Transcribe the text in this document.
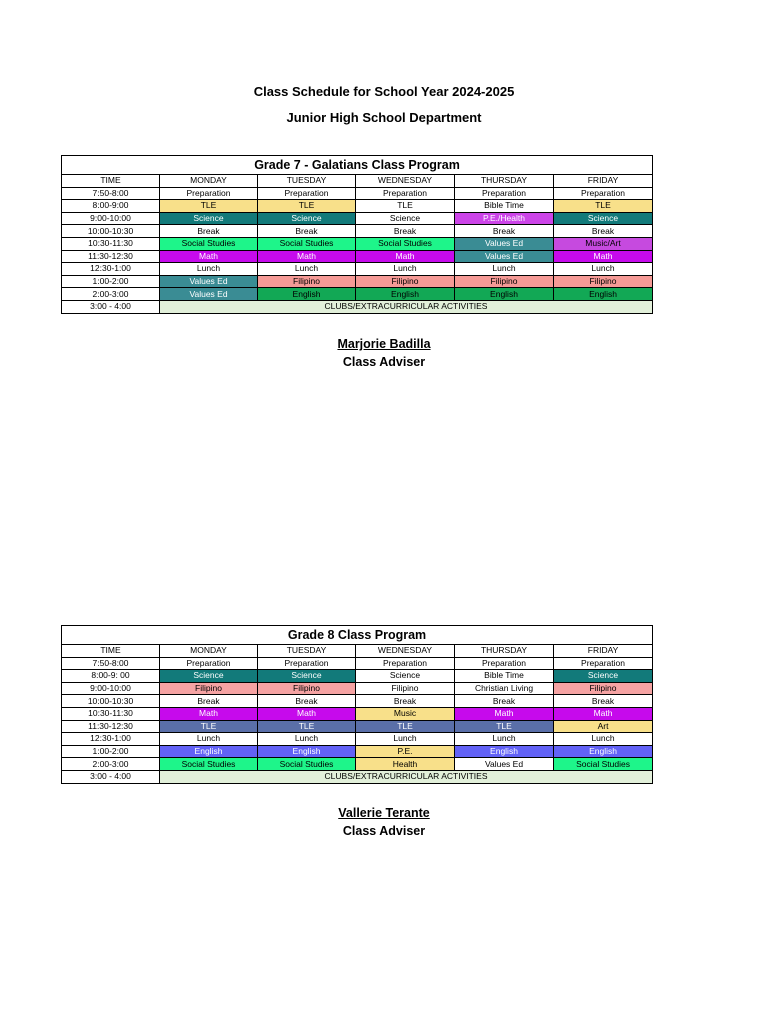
Class Schedule for School Year 2024-2025
Junior High School Department
Grade 7 - Galatians Class Program					
TIME	MONDAY	TUESDAY	WEDNESDAY	THURSDAY	FRIDAY
7:50-8:00	Preparation	Preparation	Preparation	Preparation	Preparation
8:00-9:00	TLE	TLE	TLE	Bible Time	TLE
9:00-10:00	Science	Science	Science	P.E./Health	Science
10:00-10:30	Break	Break	Break	Break	Break
10:30-11:30	Social Studies	Social Studies	Social Studies	Values Ed	Music/Art
11:30-12:30	Math	Math	Math	Values Ed	Math
12:30-1:00	Lunch	Lunch	Lunch	Lunch	Lunch
1:00-2:00	Values Ed	Filipino	Filipino	Filipino	Filipino
2:00-3:00	Values Ed	English	English	English	English
3:00 - 4:00	CLUBS/EXTRACURRICULAR ACTIVITIES				
Marjorie Badilla
Class Adviser
Grade 8 Class Program					
TIME	MONDAY	TUESDAY	WEDNESDAY	THURSDAY	FRIDAY
7:50-8:00	Preparation	Preparation	Preparation	Preparation	Preparation
8:00-9: 00	Science	Science	Science	Bible Time	Science
9:00-10:00	Filipino	Filipino	Filipino	Christian Living	Filipino
10:00-10:30	Break	Break	Break	Break	Break
10:30-11:30	Math	Math	Music	Math	Math
11:30-12:30	TLE	TLE	TLE	TLE	Art
12:30-1:00	Lunch	Lunch	Lunch	Lunch	Lunch
1:00-2:00	English	English	P.E.	English	English
2:00-3:00	Social Studies	Social Studies	Health	Values Ed	Social Studies
3:00 - 4:00	CLUBS/EXTRACURRICULAR ACTIVITIES				
Vallerie Terante
Class Adviser
